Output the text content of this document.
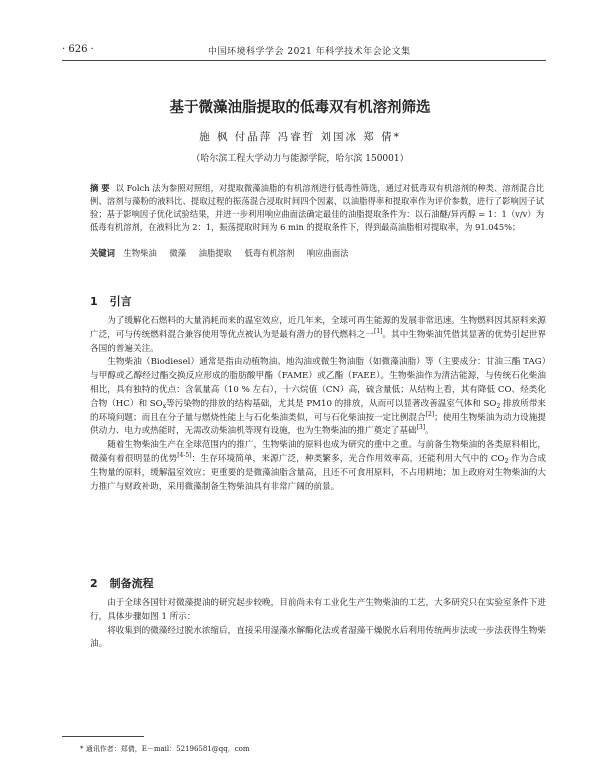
· 626 ·	中国环境科学学会 2021 年科学技术年会论文集
基于微藻油脂提取的低毒双有机溶剂筛选
施 枫 付晶萍 冯睿哲 刘国冰 郑 倩*
（哈尔滨工程大学动力与能源学院，哈尔滨 150001）
摘 要 以 Folch 法为参照对照组，对提取微藻油脂的有机溶剂进行低毒性筛选，通过对低毒双有机溶剂的种类、溶剂混合比例、溶剂与藻粉的液料比、提取过程的振荡混合浸取时间四个因素，以油脂得率和提取率作为评价参数，进行了影响因子试验；基于影响因子优化试验结果，并进一步利用响应曲面法确定最佳的油脂提取条件为：以石油醚/异丙醇 = 1：1（v/v）为低毒有机溶剂，在液料比为 2：1，振荡提取时间为 6 min 的提取条件下，得到最高油脂相对提取率，为 91.045%；
关键词 生物柴油 微藻 油脂提取 低毒有机溶剂 响应曲面法
1 引言

为了缓解化石燃料的大量消耗而来的温室效应，近几年来，全球可再生能源的发展非常迅速。生物燃料因其原料来源广泛，可与传统燃料混合兼容使用等优点被认为是最有潜力的替代燃料之一[1]。其中生物柴油凭借其显著的优势引起世界各国的普遍关注。

生物柴油（Biodiesel）通常是指由动植物油、地沟油或微生物油脂（如微藻油脂）等（主要成分：甘油三酯 TAG）与甲醇或乙醇经过酯交换反应形成的脂肪酸甲酯（FAME）或乙酯（FAEE）。生物柴油作为清洁能源，与传统石化柴油相比，具有独特的优点：含氧量高（10 % 左右），十六烷值（CN）高，硫含量低；从结构上看，其有降低 CO、烃类化合物（HC）和 $SO_x$等污染物的排放的结构基础，尤其是 PM10 的排放，从而可以显著改善温室气体和 $SO_2$ 排放所带来的环境问题；而且在分子量与燃烧性能上与石化柴油类似，可与石化柴油按一定比例混合[2]；使用生物柴油为动力设施提供动力、电力或热能时，无需改动柴油机等现有设施，也为生物柴油的推广奠定了基础[3]。

随着生物柴油生产在全球范围内的推广，生物柴油的原料也成为研究的重中之重。与前备生物柴油的各类原料相比，微藻有着很明显的优势[4-5]：生存环境简单，来源广泛，种类繁多，光合作用效率高，还能利用大气中的 $CO_2$ 作为合成生物量的原料，缓解温室效应；更重要的是微藻油脂含量高，且还不可食用原料，不占用耕地；加上政府对生物柴油的大力推广与财政补助，采用微藻制备生物柴油具有非常广阔的前景。

2 制备流程

由于全球各国针对微藻提油的研究起步较晚，目前尚未有工业化生产生物柴油的工艺，大多研究只在实验室条件下进行，具体步骤如图 1 所示：

将收集到的微藻经过脱水浓缩后，直接采用湿藻水解酶化法或者湿藻干燥脱水后利用传统两步法或一步法获得生物柴油。

* 通讯作者：郑倩，E－mail：52196581@qq．com
